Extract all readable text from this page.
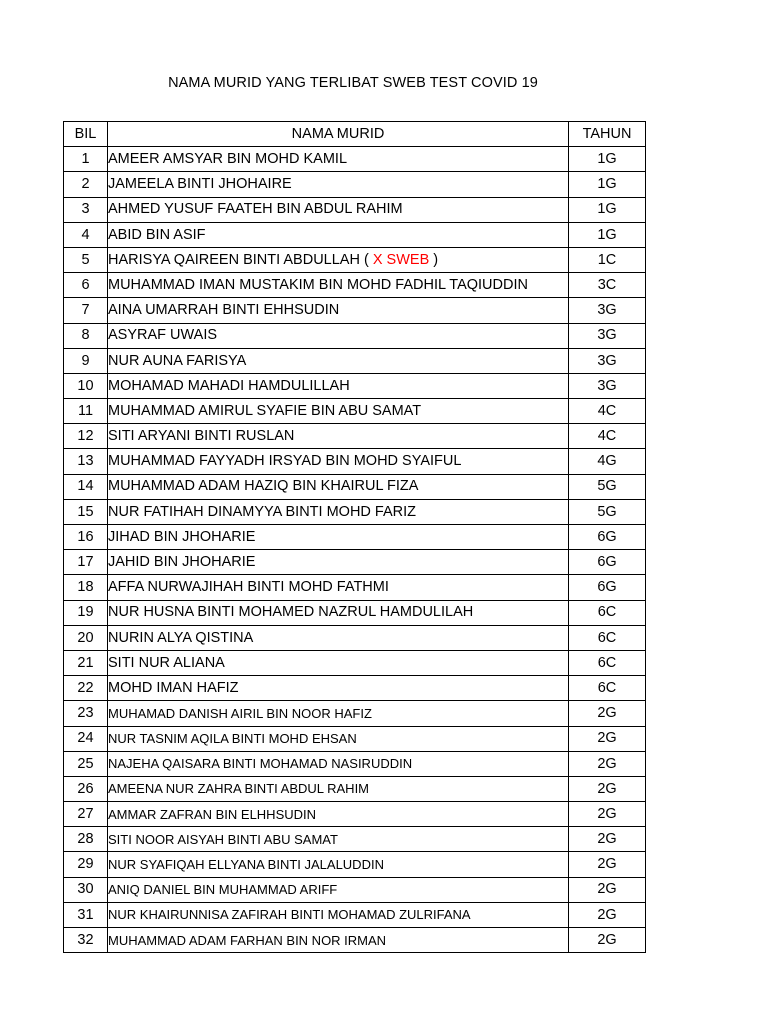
NAMA MURID YANG TERLIBAT SWEB TEST COVID 19
BIL	NAMA MURID	TAHUN
1	AMEER AMSYAR BIN MOHD KAMIL	1G
2	JAMEELA BINTI JHOHAIRE	1G
3	AHMED YUSUF FAATEH BIN ABDUL RAHIM	1G
4	ABID BIN ASIF	1G
5	HARISYA QAIREEN BINTI ABDULLAH ( X SWEB )	1C
6	MUHAMMAD IMAN MUSTAKIM BIN MOHD FADHIL TAQIUDDIN	3C
7	AINA UMARRAH BINTI EHHSUDIN	3G
8	ASYRAF UWAIS	3G
9	NUR AUNA FARISYA	3G
10	MOHAMAD MAHADI HAMDULILLAH	3G
11	MUHAMMAD AMIRUL SYAFIE BIN ABU SAMAT	4C
12	SITI ARYANI BINTI RUSLAN	4C
13	MUHAMMAD FAYYADH IRSYAD BIN MOHD SYAIFUL	4G
14	MUHAMMAD ADAM HAZIQ BIN KHAIRUL FIZA	5G
15	NUR FATIHAH DINAMYYA BINTI MOHD FARIZ	5G
16	JIHAD BIN JHOHARIE	6G
17	JAHID BIN JHOHARIE	6G
18	AFFA NURWAJIHAH BINTI MOHD FATHMI	6G
19	NUR HUSNA BINTI MOHAMED NAZRUL HAMDULILAH	6C
20	NURIN ALYA QISTINA	6C
21	SITI NUR ALIANA	6C
22	MOHD IMAN HAFIZ	6C
23	MUHAMAD DANISH AIRIL BIN NOOR HAFIZ	2G
24	NUR TASNIM AQILA BINTI MOHD EHSAN	2G
25	NAJEHA QAISARA BINTI MOHAMAD NASIRUDDIN	2G
26	AMEENA NUR ZAHRA BINTI ABDUL RAHIM	2G
27	AMMAR ZAFRAN BIN ELHHSUDIN	2G
28	SITI NOOR AISYAH BINTI ABU SAMAT	2G
29	NUR SYAFIQAH ELLYANA BINTI JALALUDDIN	2G
30	ANIQ DANIEL BIN MUHAMMAD ARIFF	2G
31	NUR KHAIRUNNISA ZAFIRAH BINTI MOHAMAD ZULRIFANA	2G
32	MUHAMMAD ADAM FARHAN BIN NOR IRMAN	2G
